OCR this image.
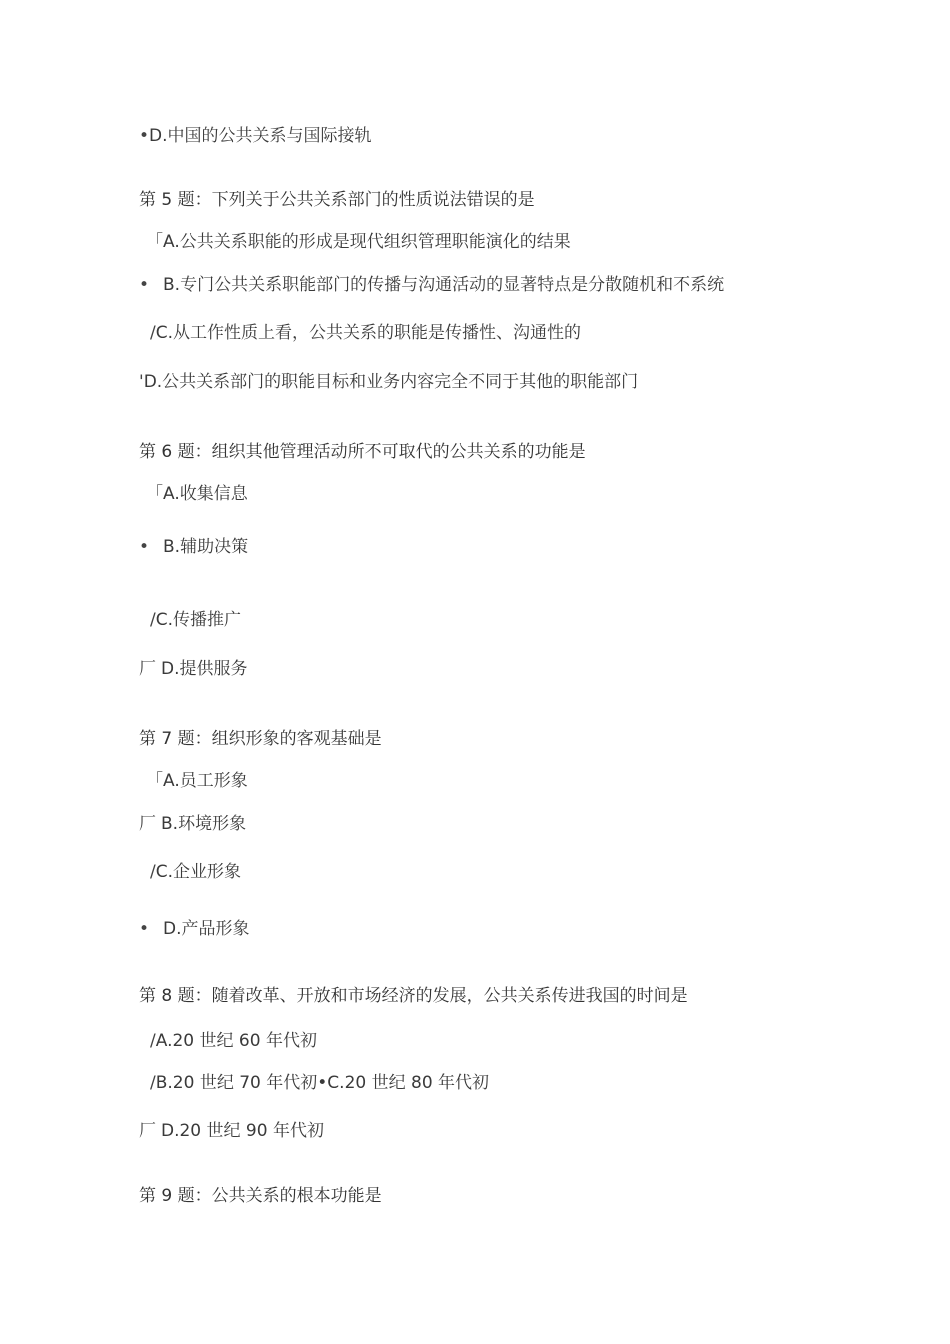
•D.中国的公共关系与国际接轨
第 5 题：下列关于公共关系部门的性质说法错误的是
「A.公共关系职能的形成是现代组织管理职能演化的结果
• B.专门公共关系职能部门的传播与沟通活动的显著特点是分散随机和不系统
/C.从工作性质上看，公共关系的职能是传播性、沟通性的
'D.公共关系部门的职能目标和业务内容完全不同于其他的职能部门
第 6 题：组织其他管理活动所不可取代的公共关系的功能是
「A.收集信息
• B.辅助决策
/C.传播推广
厂 D.提供服务
第 7 题：组织形象的客观基础是
「A.员工形象
厂 B.环境形象
/C.企业形象
• D.产品形象
第 8 题：随着改革、开放和市场经济的发展，公共关系传进我国的时间是
/A.20 世纪 60 年代初
/B.20 世纪 70 年代初•C.20 世纪 80 年代初
厂 D.20 世纪 90 年代初
第 9 题：公共关系的根本功能是
